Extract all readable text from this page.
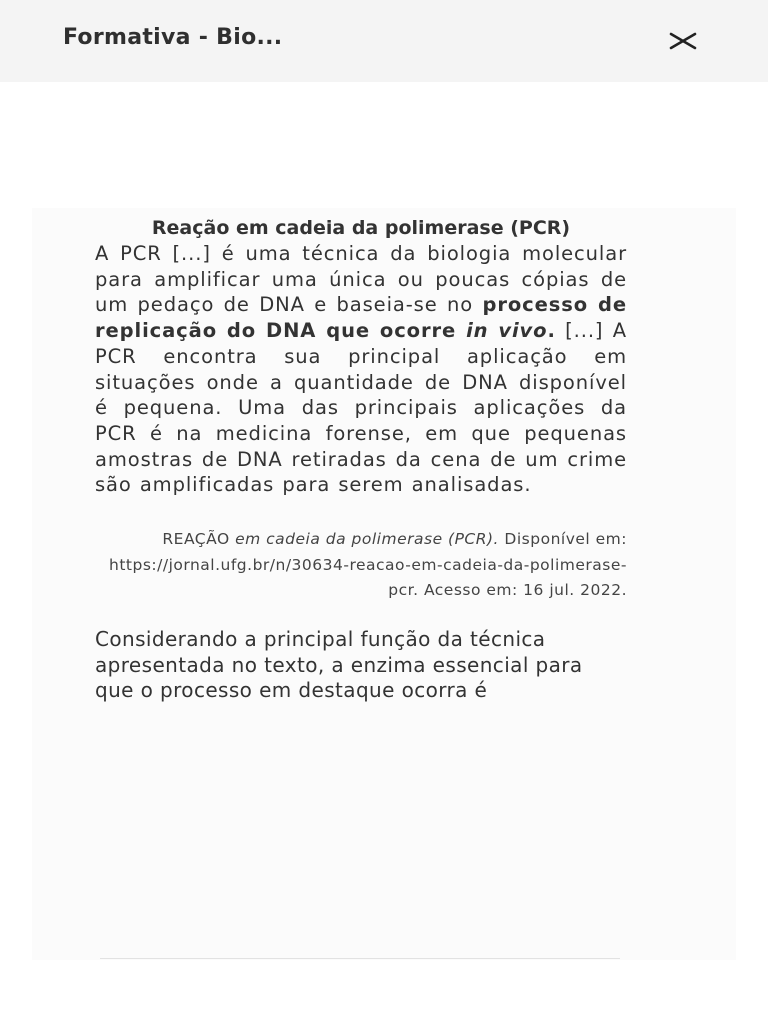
Formativa - Bio...
Reação em cadeia da polimerase (PCR)

A PCR [...] é uma técnica da biologia molecular para amplificar uma única ou poucas cópias de um pedaço de DNA e baseia-se no processo de replicação do DNA que ocorre in vivo. [...] A PCR encontra sua principal aplicação em situações onde a quantidade de DNA disponível é pequena. Uma das principais aplicações da PCR é na medicina forense, em que pequenas amostras de DNA retiradas da cena de um crime são amplificadas para serem analisadas.

REAÇÃO em cadeia da polimerase (PCR). Disponível em: https://jornal.ufg.br/n/30634-reacao-em-cadeia-da-polimerase-pcr. Acesso em: 16 jul. 2022.

Considerando a principal função da técnica apresentada no texto, a enzima essencial para que o processo em destaque ocorra é
